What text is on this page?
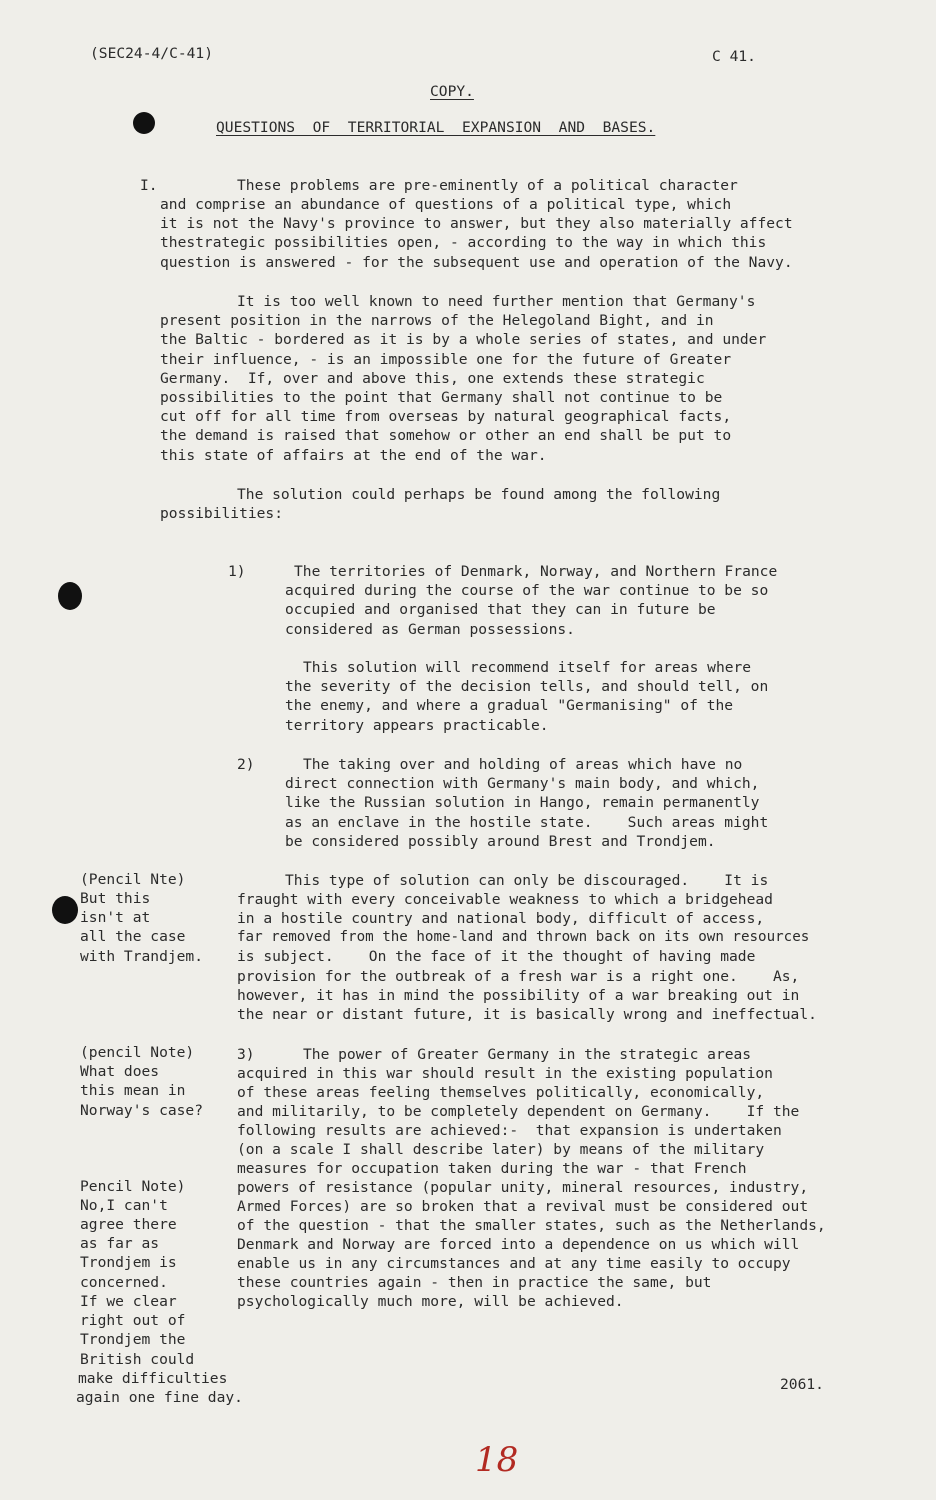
(SEC24-4/C-41)	C 41.
COPY.
QUESTIONS  OF  TERRITORIAL  EXPANSION  AND  BASES.
I.	These problems are pre-eminently of a political character
and comprise an abundance of questions of a political type, which
it is not the Navy's province to answer, but they also materially affect
thestrategic possibilities open, - according to the way in which this
question is answered - for the subsequent use and operation of the Navy.
It is too well known to need further mention that Germany's
present position in the narrows of the Helegoland Bight, and in
the Baltic - bordered as it is by a whole series of states, and under
their influence, - is an impossible one for the future of Greater
Germany.  If, over and above this, one extends these strategic
possibilities to the point that Germany shall not continue to be
cut off for all time from overseas by natural geographical facts,
the demand is raised that somehow or other an end shall be put to
this state of affairs at the end of the war.
The solution could perhaps be found among the following
possibilities:
1)	The territories of Denmark, Norway, and Northern France
acquired during the course of the war continue to be so
occupied and organised that they can in future be
considered as German possessions.
This solution will recommend itself for areas where
the severity of the decision tells, and should tell, on
the enemy, and where a gradual "Germanising" of the
territory appears practicable.
2)	The taking over and holding of areas which have no
direct connection with Germany's main body, and which,
like the Russian solution in Hango, remain permanently
as an enclave in the hostile state.    Such areas might
be considered possibly around Brest and Trondjem.
(Pencil Nte)
But this
isn't at
all the case
with Trandjem.
This type of solution can only be discouraged.    It is
fraught with every conceivable weakness to which a bridgehead
in a hostile country and national body, difficult of access,
far removed from the home-land and thrown back on its own resources
is subject.    On the face of it the thought of having made
provision for the outbreak of a fresh war is a right one.    As,
however, it has in mind the possibility of a war breaking out in
the near or distant future, it is basically wrong and ineffectual.
(pencil Note)
What does
this mean in
Norway's case?
3)	The power of Greater Germany in the strategic areas
acquired in this war should result in the existing population
of these areas feeling themselves politically, economically,
and militarily, to be completely dependent on Germany.    If the
following results are achieved:-  that expansion is undertaken
(on a scale I shall describe later) by means of the military
measures for occupation taken during the war - that French
powers of resistance (popular unity, mineral resources, industry,
Armed Forces) are so broken that a revival must be considered out
of the question - that the smaller states, such as the Netherlands,
Denmark and Norway are forced into a dependence on us which will
enable us in any circumstances and at any time easily to occupy
these countries again - then in practice the same, but
psychologically much more, will be achieved.
Pencil Note)
No,I can't
agree there
as far as
Trondjem is
concerned.
If we clear
right out of
Trondjem the
British could
make difficulties
again one fine day.
2061.
18
